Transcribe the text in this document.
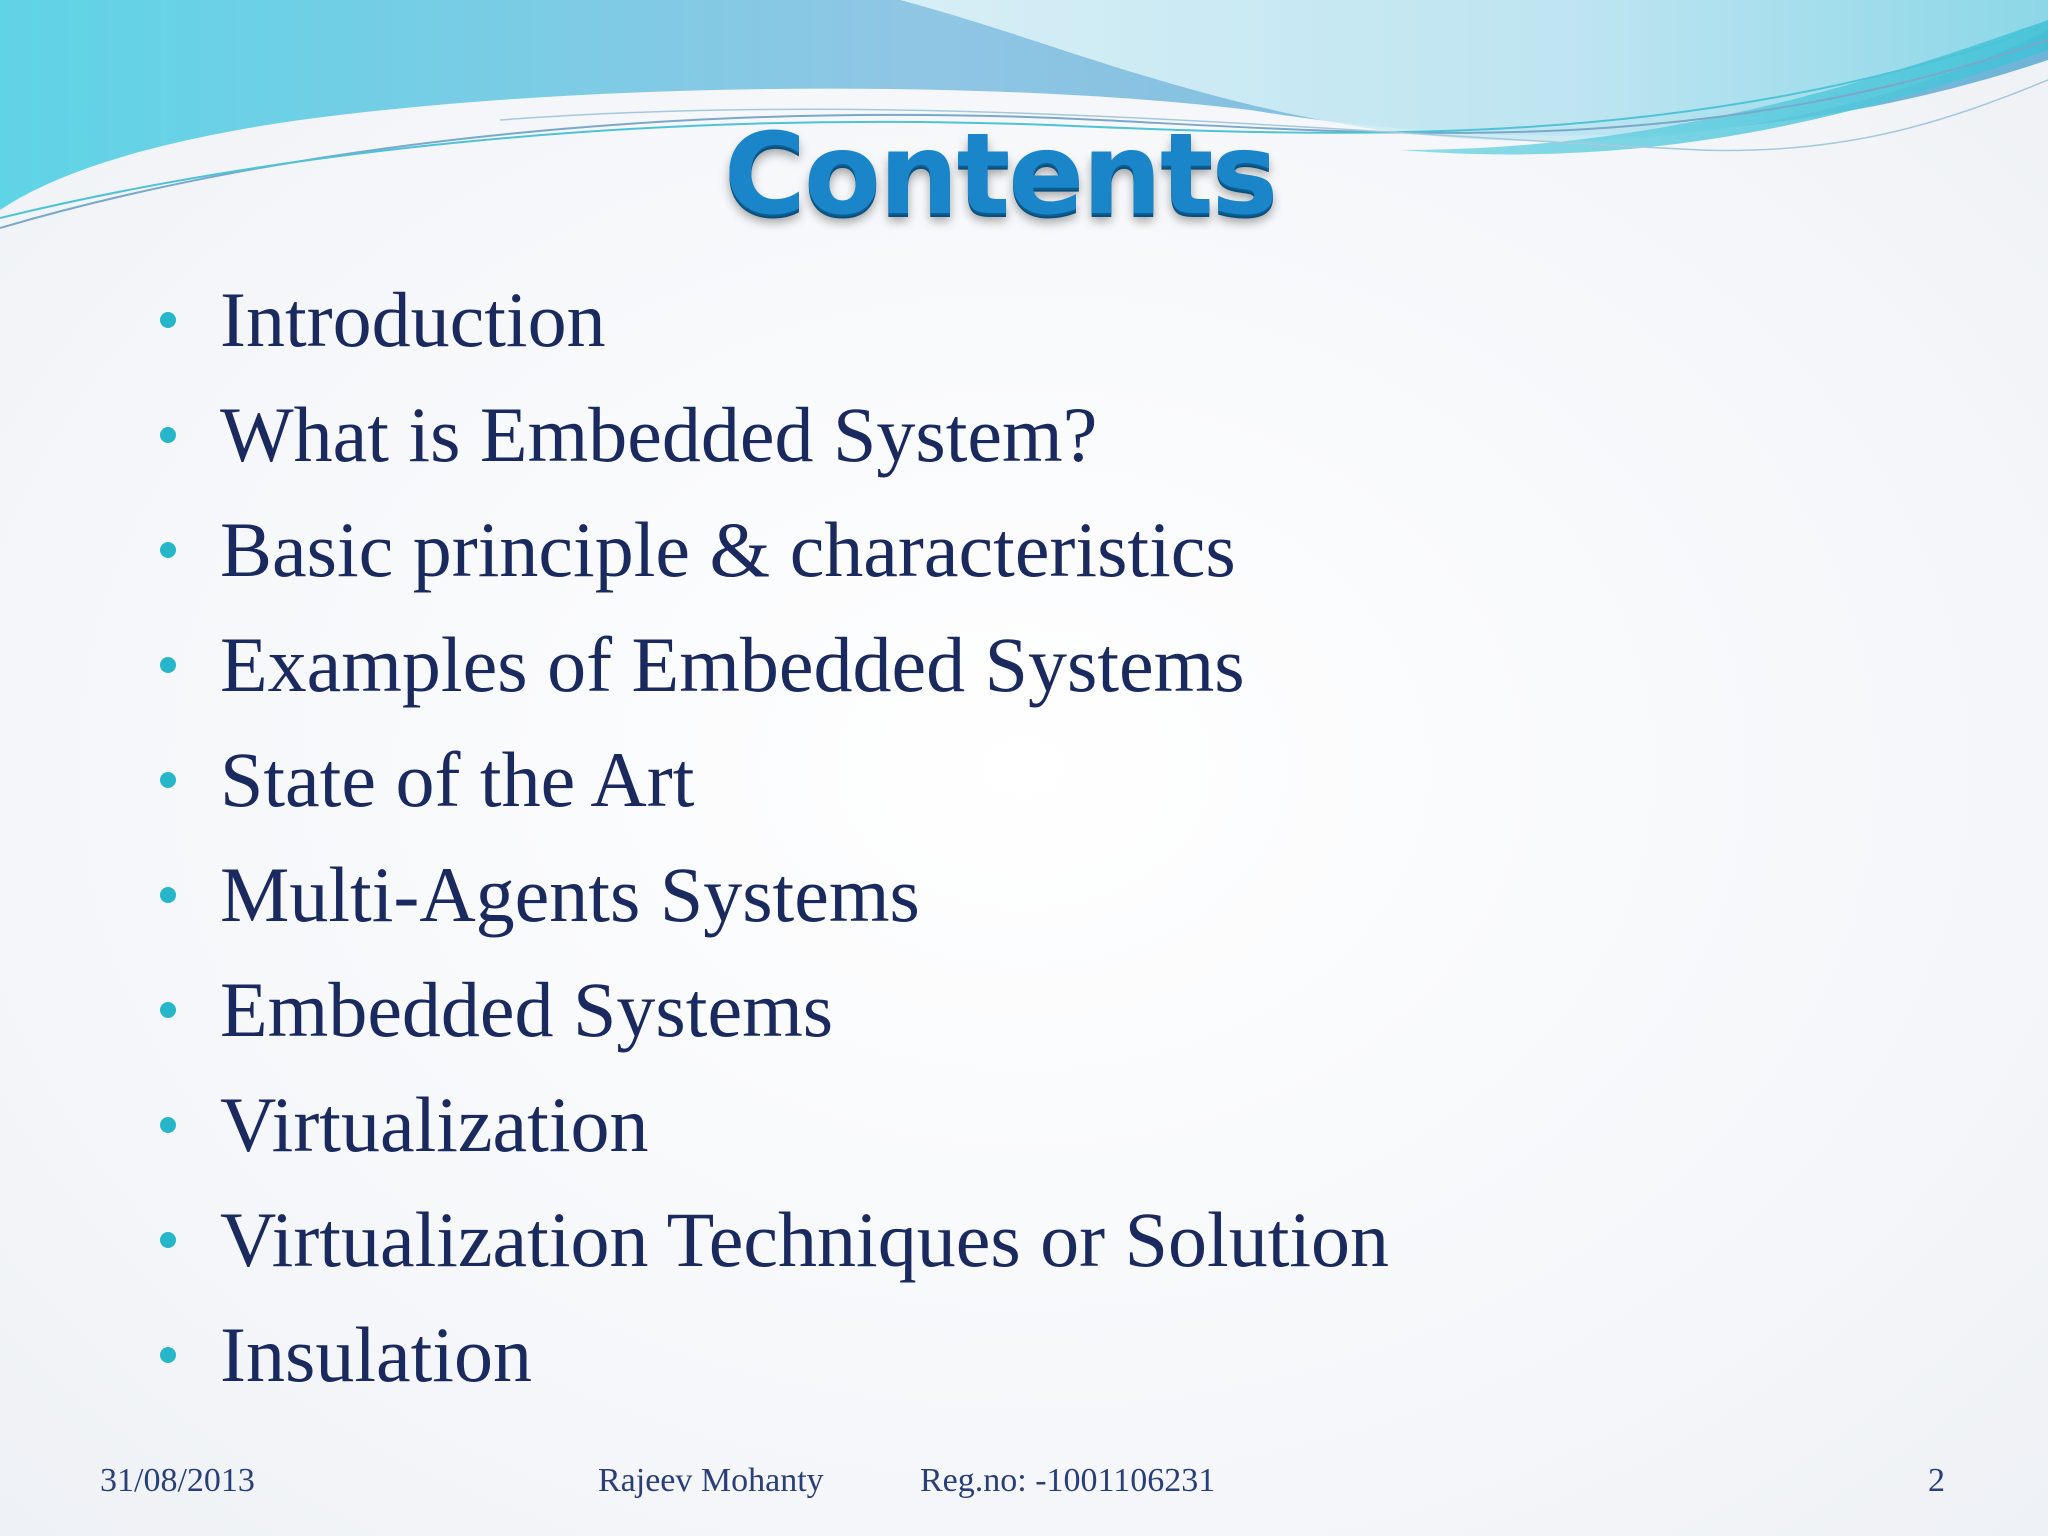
Contents
Introduction
What is Embedded System?
Basic principle & characteristics
Examples of Embedded Systems
State of the Art
Multi-Agents Systems
Embedded Systems
Virtualization
Virtualization Techniques or Solution
Insulation
31/08/2013	Rajeev Mohanty	Reg.no: -1001106231	2
